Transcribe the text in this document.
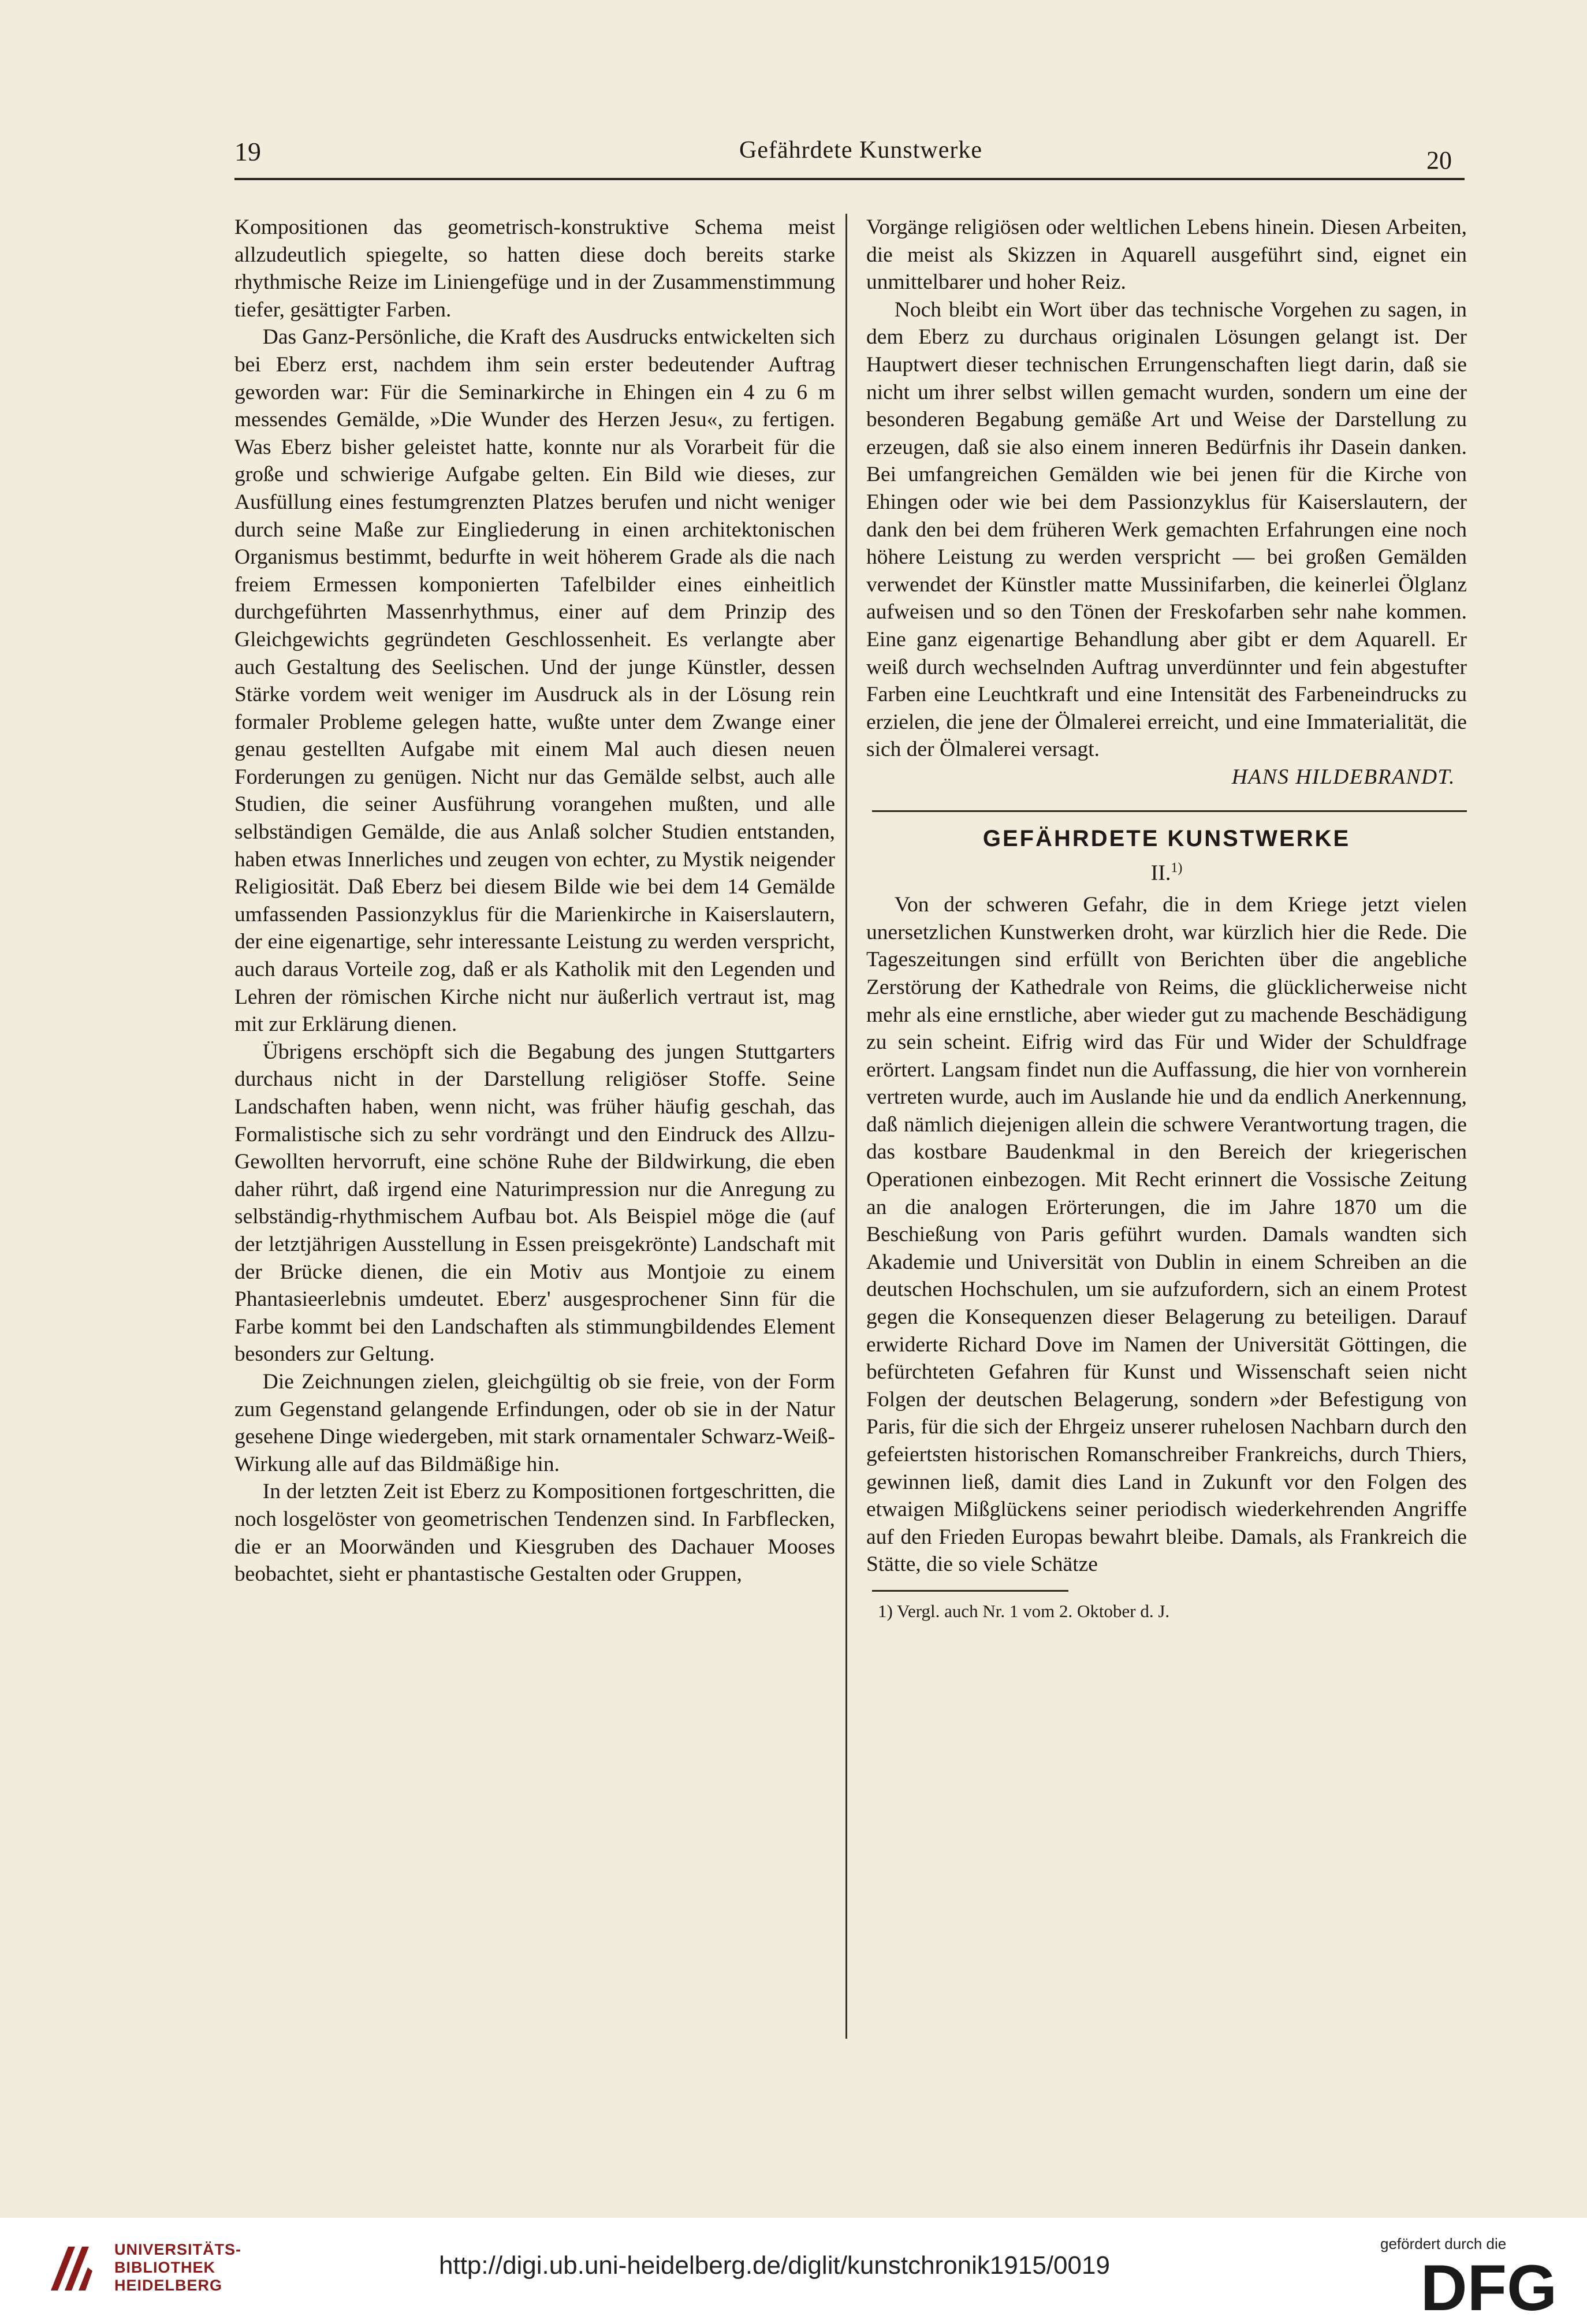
19	Gefährdete Kunstwerke	20

Kompositionen das geometrisch-konstruktive Schema meist allzudeutlich spiegelte, so hatten diese doch bereits starke rhythmische Reize im Liniengefüge und in der Zusammenstimmung tiefer, gesättigter Farben.

Das Ganz-Persönliche, die Kraft des Ausdrucks entwickelten sich bei Eberz erst, nachdem ihm sein erster bedeutender Auftrag geworden war: Für die Seminarkirche in Ehingen ein 4 zu 6 m messendes Gemälde, »Die Wunder des Herzen Jesu«, zu fertigen. Was Eberz bisher geleistet hatte, konnte nur als Vorarbeit für die große und schwierige Aufgabe gelten. Ein Bild wie dieses, zur Ausfüllung eines festumgrenzten Platzes berufen und nicht weniger durch seine Maße zur Eingliederung in einen architektonischen Organismus bestimmt, bedurfte in weit höherem Grade als die nach freiem Ermessen komponierten Tafelbilder eines einheitlich durchgeführten Massenrhythmus, einer auf dem Prinzip des Gleichgewichts gegründeten Geschlossenheit. Es verlangte aber auch Gestaltung des Seelischen. Und der junge Künstler, dessen Stärke vordem weit weniger im Ausdruck als in der Lösung rein formaler Probleme gelegen hatte, wußte unter dem Zwange einer genau gestellten Aufgabe mit einem Mal auch diesen neuen Forderungen zu genügen. Nicht nur das Gemälde selbst, auch alle Studien, die seiner Ausführung vorangehen mußten, und alle selbständigen Gemälde, die aus Anlaß solcher Studien entstanden, haben etwas Innerliches und zeugen von echter, zu Mystik neigender Religiosität. Daß Eberz bei diesem Bilde wie bei dem 14 Gemälde umfassenden Passionzyklus für die Marienkirche in Kaiserslautern, der eine eigenartige, sehr interessante Leistung zu werden verspricht, auch daraus Vorteile zog, daß er als Katholik mit den Legenden und Lehren der römischen Kirche nicht nur äußerlich vertraut ist, mag mit zur Erklärung dienen.

Übrigens erschöpft sich die Begabung des jungen Stuttgarters durchaus nicht in der Darstellung religiöser Stoffe. Seine Landschaften haben, wenn nicht, was früher häufig geschah, das Formalistische sich zu sehr vordrängt und den Eindruck des Allzu-Gewollten hervorruft, eine schöne Ruhe der Bildwirkung, die eben daher rührt, daß irgend eine Naturimpression nur die Anregung zu selbständig-rhythmischem Aufbau bot. Als Beispiel möge die (auf der letztjährigen Ausstellung in Essen preisgekrönte) Landschaft mit der Brücke dienen, die ein Motiv aus Montjoie zu einem Phantasieerlebnis umdeutet. Eberz' ausgesprochener Sinn für die Farbe kommt bei den Landschaften als stimmungbildendes Element besonders zur Geltung.

Die Zeichnungen zielen, gleichgültig ob sie freie, von der Form zum Gegenstand gelangende Erfindungen, oder ob sie in der Natur gesehene Dinge wiedergeben, mit stark ornamentaler Schwarz-Weiß-Wirkung alle auf das Bildmäßige hin.

In der letzten Zeit ist Eberz zu Kompositionen fortgeschritten, die noch losgelöster von geometrischen Tendenzen sind. In Farbflecken, die er an Moorwänden und Kiesgruben des Dachauer Mooses beobachtet, sieht er phantastische Gestalten oder Gruppen,

Vorgänge religiösen oder weltlichen Lebens hinein. Diesen Arbeiten, die meist als Skizzen in Aquarell ausgeführt sind, eignet ein unmittelbarer und hoher Reiz.

Noch bleibt ein Wort über das technische Vorgehen zu sagen, in dem Eberz zu durchaus originalen Lösungen gelangt ist. Der Hauptwert dieser technischen Errungenschaften liegt darin, daß sie nicht um ihrer selbst willen gemacht wurden, sondern um eine der besonderen Begabung gemäße Art und Weise der Darstellung zu erzeugen, daß sie also einem inneren Bedürfnis ihr Dasein danken. Bei umfangreichen Gemälden wie bei jenen für die Kirche von Ehingen oder wie bei dem Passionzyklus für Kaiserslautern, der dank den bei dem früheren Werk gemachten Erfahrungen eine noch höhere Leistung zu werden verspricht — bei großen Gemälden verwendet der Künstler matte Mussinifarben, die keinerlei Ölglanz aufweisen und so den Tönen der Freskofarben sehr nahe kommen. Eine ganz eigenartige Behandlung aber gibt er dem Aquarell. Er weiß durch wechselnden Auftrag unverdünnter und fein abgestufter Farben eine Leuchtkraft und eine Intensität des Farbeneindrucks zu erzielen, die jene der Ölmalerei erreicht, und eine Immaterialität, die sich der Ölmalerei versagt.

HANS HILDEBRANDT.

GEFÄHRDETE KUNSTWERKE
II.$^{1)}$

Von der schweren Gefahr, die in dem Kriege jetzt vielen unersetzlichen Kunstwerken droht, war kürzlich hier die Rede. Die Tageszeitungen sind erfüllt von Berichten über die angebliche Zerstörung der Kathedrale von Reims, die glücklicherweise nicht mehr als eine ernstliche, aber wieder gut zu machende Beschädigung zu sein scheint. Eifrig wird das Für und Wider der Schuldfrage erörtert. Langsam findet nun die Auffassung, die hier von vornherein vertreten wurde, auch im Auslande hie und da endlich Anerkennung, daß nämlich diejenigen allein die schwere Verantwortung tragen, die das kostbare Baudenkmal in den Bereich der kriegerischen Operationen einbezogen. Mit Recht erinnert die Vossische Zeitung an die analogen Erörterungen, die im Jahre 1870 um die Beschießung von Paris geführt wurden. Damals wandten sich Akademie und Universität von Dublin in einem Schreiben an die deutschen Hochschulen, um sie aufzufordern, sich an einem Protest gegen die Konsequenzen dieser Belagerung zu beteiligen. Darauf erwiderte Richard Dove im Namen der Universität Göttingen, die befürchteten Gefahren für Kunst und Wissenschaft seien nicht Folgen der deutschen Belagerung, sondern »der Befestigung von Paris, für die sich der Ehrgeiz unserer ruhelosen Nachbarn durch den gefeiertsten historischen Romanschreiber Frankreichs, durch Thiers, gewinnen ließ, damit dies Land in Zukunft vor den Folgen des etwaigen Mißglückens seiner periodisch wiederkehrenden Angriffe auf den Frieden Europas bewahrt bleibe. Damals, als Frankreich die Stätte, die so viele Schätze

1) Vergl. auch Nr. 1 vom 2. Oktober d. J.

UNIVERSITÄTS-
BIBLIOTHEK
HEIDELBERG
http://digi.ub.uni-heidelberg.de/diglit/kunstchronik1915/0019
gefördert durch die
DFG
